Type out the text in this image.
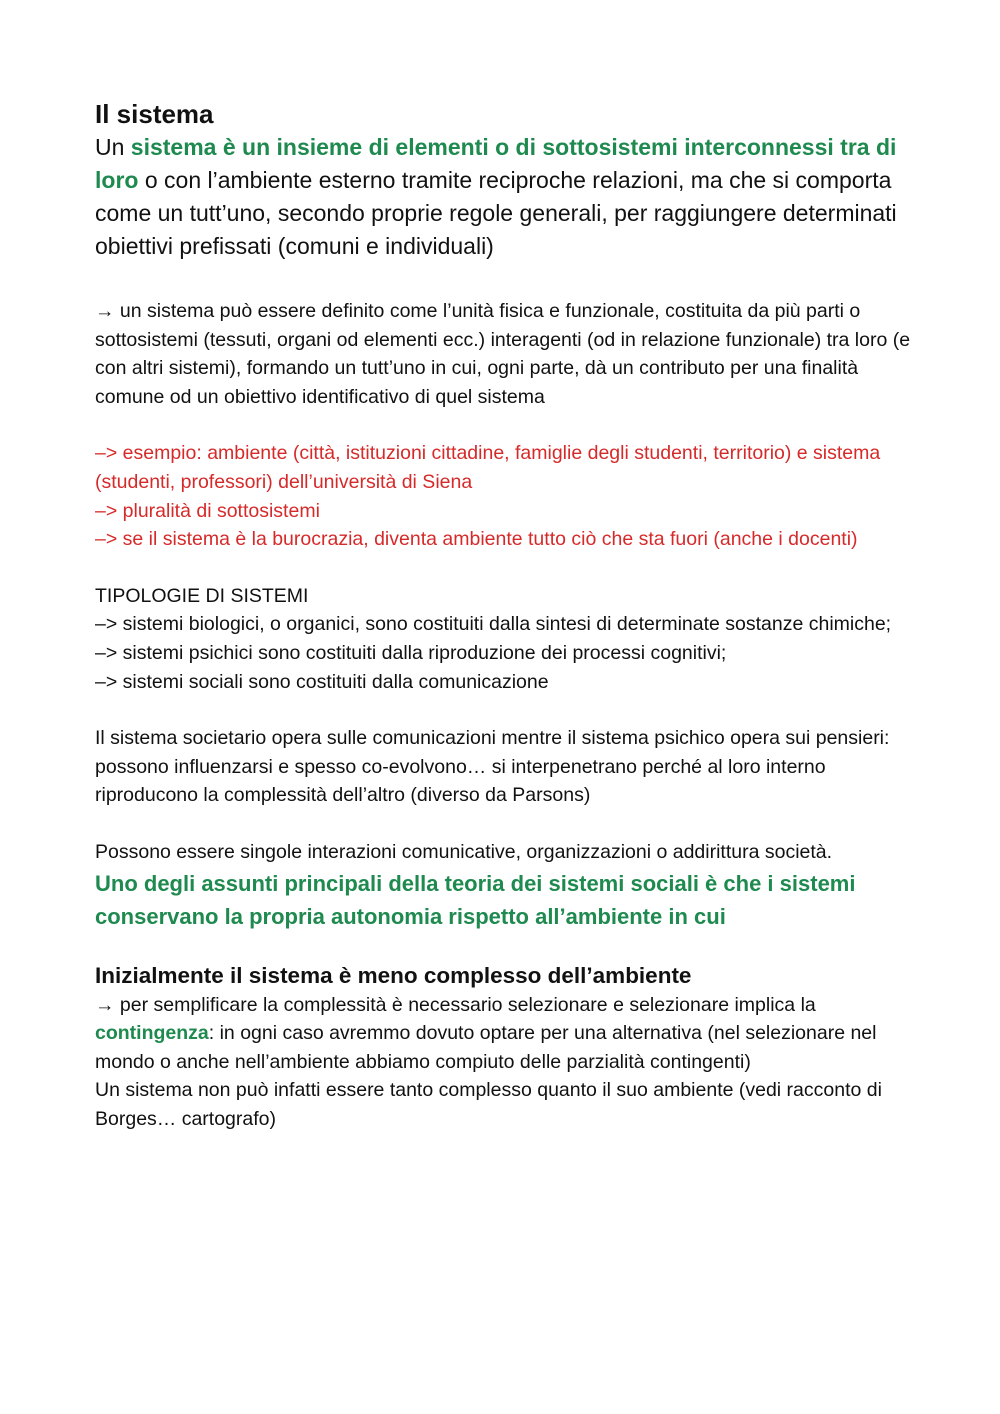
Il sistema

Un sistema è un insieme di elementi o di sottosistemi interconnessi tra di loro o con l’ambiente esterno tramite reciproche relazioni, ma che si comporta come un tutt’uno, secondo proprie regole generali, per raggiungere determinati obiettivi prefissati (comuni e individuali)

→ un sistema può essere definito come l’unità fisica e funzionale, costituita da più parti o sottosistemi (tessuti, organi od elementi ecc.) interagenti (od in relazione funzionale) tra loro (e con altri sistemi), formando un tutt’uno in cui, ogni parte, dà un contributo per una finalità comune od un obiettivo identificativo di quel sistema

–> esempio: ambiente (città, istituzioni cittadine, famiglie degli studenti, territorio) e sistema (studenti, professori) dell’università di Siena

–> pluralità di sottosistemi

–> se il sistema è la burocrazia, diventa ambiente tutto ciò che sta fuori (anche i docenti)

TIPOLOGIE DI SISTEMI

–> sistemi biologici, o organici, sono costituiti dalla sintesi di determinate sostanze chimiche;

–> sistemi psichici sono costituiti dalla riproduzione dei processi cognitivi;

–> sistemi sociali sono costituiti dalla comunicazione

Il sistema societario opera sulle comunicazioni mentre il sistema psichico opera sui pensieri: possono influenzarsi e spesso co-evolvono… si interpenetrano perché al loro interno riproducono la complessità dell’altro (diverso da Parsons)

Possono essere singole interazioni comunicative, organizzazioni o addirittura società.

Uno degli assunti principali della teoria dei sistemi sociali è che i sistemi conservano la propria autonomia rispetto all’ambiente in cui

Inizialmente il sistema è meno complesso dell’ambiente

→ per semplificare la complessità è necessario selezionare e selezionare implica la contingenza: in ogni caso avremmo dovuto optare per una alternativa (nel selezionare nel mondo o anche nell’ambiente abbiamo compiuto delle parzialità contingenti)

Un sistema non può infatti essere tanto complesso quanto il suo ambiente (vedi racconto di Borges… cartografo)
